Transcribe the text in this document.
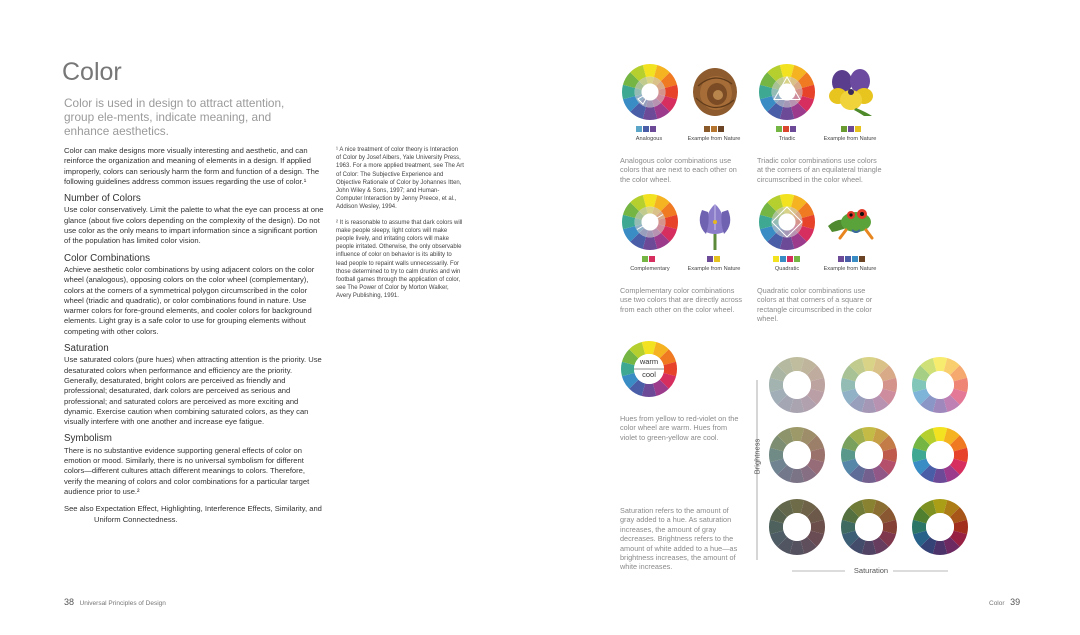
Color
Color is used in design to attract attention, group ele-ments, indicate meaning, and enhance aesthetics.

Color can make designs more visually interesting and aesthetic, and can reinforce the organization and meaning of elements in a design. If applied improperly, colors can seriously harm the form and function of a design. The following guidelines address common issues regarding the use of color.¹

Number of Colors

Use color conservatively. Limit the palette to what the eye can process at one glance (about five colors depending on the complexity of the design). Do not use color as the only means to impart information since a significant portion of the population has limited color vision.

Color Combinations

Achieve aesthetic color combinations by using adjacent colors on the color wheel (analogous), opposing colors on the color wheel (complementary), colors at the corners of a symmetrical polygon circumscribed in the color wheel (triadic and quadratic), or color combinations found in nature. Use warmer colors for fore-ground elements, and cooler colors for background elements. Light gray is a safe color to use for grouping elements without competing with other colors.

Saturation

Use saturated colors (pure hues) when attracting attention is the priority. Use desaturated colors when performance and efficiency are the priority. Generally, desaturated, bright colors are perceived as friendly and professional; desaturated, dark colors are perceived as serious and professional; and saturated colors are perceived as more exciting and dynamic. Exercise caution when combining saturated colors, as they can visually interfere with one another and increase eye fatigue.

Symbolism

There is no substantive evidence supporting general effects of color on emotion or mood. Similarly, there is no universal symbolism for different colors—different cultures attach different meanings to colors. Therefore, verify the meaning of colors and color combinations for a particular target audience prior to use.²

See also Expectation Effect, Highlighting, Interference Effects, Similarity, and

Uniform Connectedness.

¹ A nice treatment of color theory is Interaction of Color by Josef Albers, Yale University Press, 1963. For a more applied treatment, see The Art of Color: The Subjective Experience and Objective Rationale of Color by Johannes Itten, John Wiley & Sons, 1997; and Human-Computer Interaction by Jenny Preece, et al., Addison Wesley, 1994.

² It is reasonable to assume that dark colors will make people sleepy, light colors will make people lively, and irritating colors will make people irritated. Otherwise, the only observable influence of color on behavior is its ability to lead people to repaint walls unnecessarily. For those determined to try to calm drunks and win football games through the application of color, see The Power of Color by Morton Walker, Avery Publishing, 1991.

38 Universal Principles of Design	Color 39
Analogous	Example from Nature	Triadic	Example from Nature
Complementary	Example from Nature	Quadratic	Example from Nature
Analogous color combinations use colors that are next to each other on the color wheel.
Triadic color combinations use colors at the corners of an equilateral triangle circumscribed in the color wheel.
Complementary color combinations use two colors that are directly across from each other on the color wheel.
Quadratic color combinations use colors at that corners of a square or rectangle circumscribed in the color wheel.
Hues from yellow to red-violet on the color wheel are warm. Hues from violet to green-yellow are cool.
Saturation refers to the amount of gray added to a hue. As saturation increases, the amount of gray decreases. Brightness refers to the amount of white added to a hue—as brightness increases, the amount of white increases.
warm
cool
Brightness
Saturation
